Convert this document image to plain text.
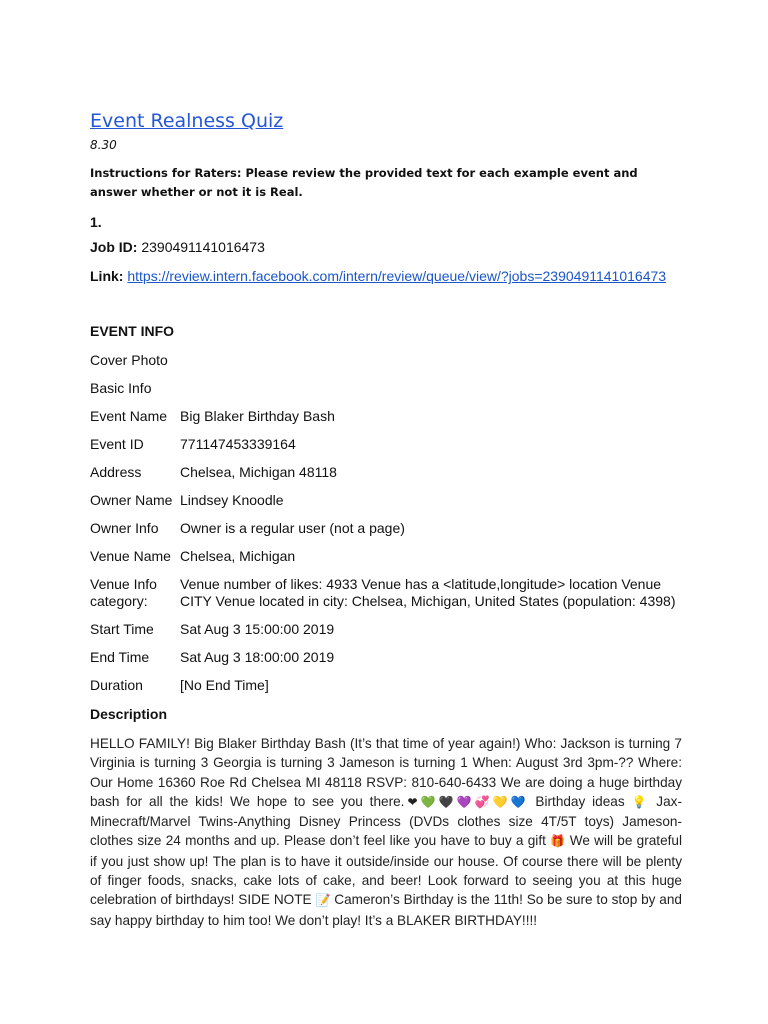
Event Realness Quiz
8.30
Instructions for Raters: Please review the provided text for each example event and answer whether or not it is Real.
1.
Job ID: 2390491141016473
Link: https://review.intern.facebook.com/intern/review/queue/view/?jobs=2390491141016473
EVENT INFO
Cover Photo
Basic Info
Event Name Big Blaker Birthday Bash
Event ID	771147453339164
Address	Chelsea, Michigan 48118
Owner Name Lindsey Knoodle
Owner Info	Owner is a regular user (not a page)
Venue Name Chelsea, Michigan
Venue Info category:
Venue number of likes: 4933 Venue has a <latitude,longitude> location Venue CITY Venue located in city: Chelsea, Michigan, United States (population: 4398)
Start Time	Sat Aug 3 15:00:00 2019
End Time	Sat Aug 3 18:00:00 2019
Duration	[No End Time]
Description
HELLO FAMILY! Big Blaker Birthday Bash (It’s that time of year again!) Who: Jackson is turning 7 Virginia is turning 3 Georgia is turning 3 Jameson is turning 1 When: August 3rd 3pm-?? Where: Our Home 16360 Roe Rd Chelsea MI 48118 RSVP: 810-640-6433 We are doing a huge birthday bash for all the kids! We hope to see you there.❤💚🖤💜💞💛💙 Birthday ideas 💡 Jax- Minecraft/Marvel Twins-Anything Disney Princess (DVDs clothes size 4T/5T toys) Jameson- clothes size 24 months and up. Please don’t feel like you have to buy a gift 🎁 We will be grateful if you just show up! The plan is to have it outside/inside our house. Of course there will be plenty of finger foods, snacks, cake lots of cake, and beer! Look forward to seeing you at this huge celebration of birthdays! SIDE NOTE 📝 Cameron’s Birthday is the 11th! So be sure to stop by and say happy birthday to him too! We don’t play! It’s a BLAKER BIRTHDAY!!!!
